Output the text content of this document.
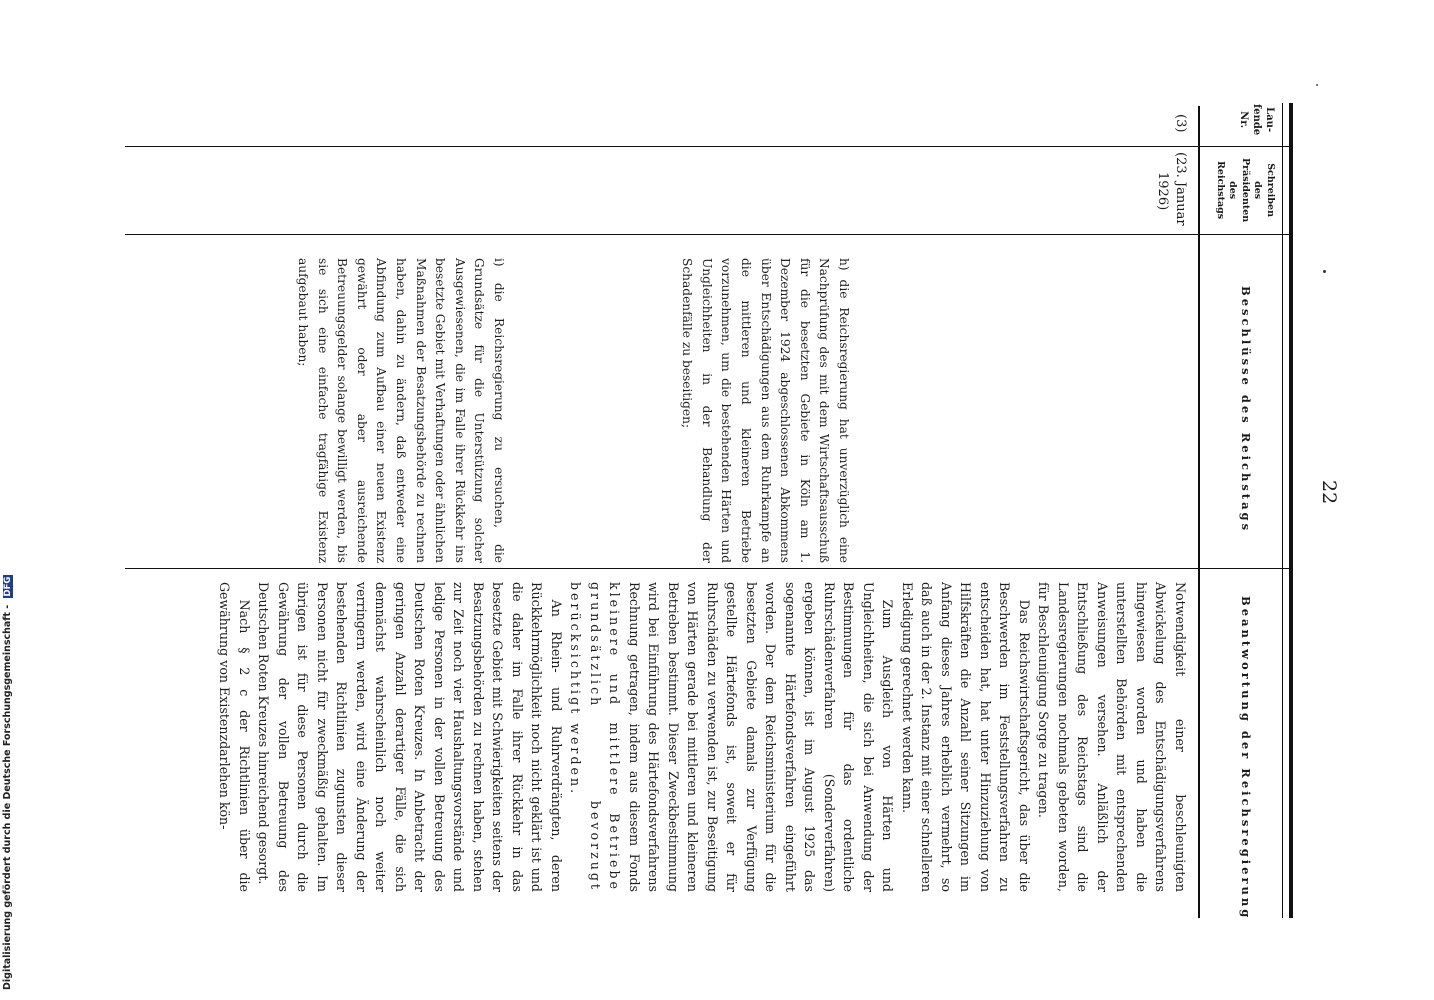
22
Lau-
fende
Nr.
Schreiben
des
Präsidenten
des
Reichstags
Beschlüsse des Reichstags
Beantwortung der Reichsregierung
(3)
(23. Januar
1926)
h) die Reichsregierung hat unverzüglich eine Nachprüfung des mit dem Wirtschaftsausschuß für die besetzten Gebiete in Köln am 1. Dezember 1924 abgeschlossenen Abkommens über Entschädigungen aus dem Ruhrkampfe an die mittleren und kleineren Betriebe vorzunehmen, um die bestehenden Härten und Ungleichheiten in der Behandlung der Schadenfälle zu beseitigen;
i) die Reichsregierung zu ersuchen, die Grundsätze für die Unterstützung solcher Ausgewiesenen, die im Falle ihrer Rückkehr ins besetzte Gebiet mit Verhaftungen oder ähnlichen Maßnahmen der Besatzungsbehörde zu rechnen haben, dahin zu ändern, daß entweder eine Abfindung zum Aufbau einer neuen Existenz gewährt oder aber ausreichende Betreuungsgelder solange bewilligt werden, bis sie sich eine einfache tragfähige Existenz aufgebaut haben;

Notwendigkeit einer beschleunigten Abwickelung des Entschädigungsverfahrens hingewiesen worden und haben die unterstellten Behörden mit entsprechenden Anweisungen versehen. Anläßlich der Entschließung des Reichstags sind die Landesregierungen nochmals gebeten worden, für Beschleunigung Sorge zu tragen.

Das Reichswirtschaftsgericht, das über die Beschwerden im Feststellungsverfahren zu entscheiden hat, hat unter Hinzuziehung von Hilfskräften die Anzahl seiner Sitzungen im Anfang dieses Jahres erheblich vermehrt, so daß auch in der 2. Instanz mit einer schnelleren Erledigung gerechnet werden kann.

Zum Ausgleich von Härten und Ungleichheiten, die sich bei Anwendung der Bestimmungen für das ordentliche Ruhrschädenverfahren (Sonderverfahren) ergeben können, ist im August 1925 das sogenannte Härtefondsverfahren eingeführt worden. Der dem Reichsministerium für die besetzten Gebiete damals zur Verfügung gestellte Härtefonds ist, soweit er für Ruhrschäden zu verwenden ist, zur Beseitigung von Härten gerade bei mittleren und kleineren Betrieben bestimmt. Dieser Zweckbestimmung wird bei Einführung des Härtefondsverfahrens Rechnung getragen, indem aus diesem Fonds kleinere und mittlere Betriebe grundsätzlich bevorzugt berücksichtigt werden.

An Rhein- und Ruhrverdrängten, deren Rückkehrmöglichkeit noch nicht geklärt ist und die daher im Falle ihrer Rückkehr in das besetzte Gebiet mit Schwierigkeiten seitens der Besatzungsbehörden zu rechnen haben, stehen zur Zeit noch vier Haushaltungsvorstände und ledige Personen in der vollen Betreuung des Deutschen Roten Kreuzes. In Anbetracht der geringen Anzahl derartiger Fälle, die sich demnächst wahrscheinlich noch weiter verringern werden, wird eine Änderung der bestehenden Richtlinien zugunsten dieser Personen nicht für zweckmäßig gehalten. Im übrigen ist für diese Personen durch die Gewährung der vollen Betreuung des Deutschen Roten Kreuzes hinreichend gesorgt.

Nach § 2 c der Richtlinien über die Gewährung von Existenzdarlehen kön-

Digitalisierung gefördert durch die Deutsche Forschungsgemeinschaft - DFG
